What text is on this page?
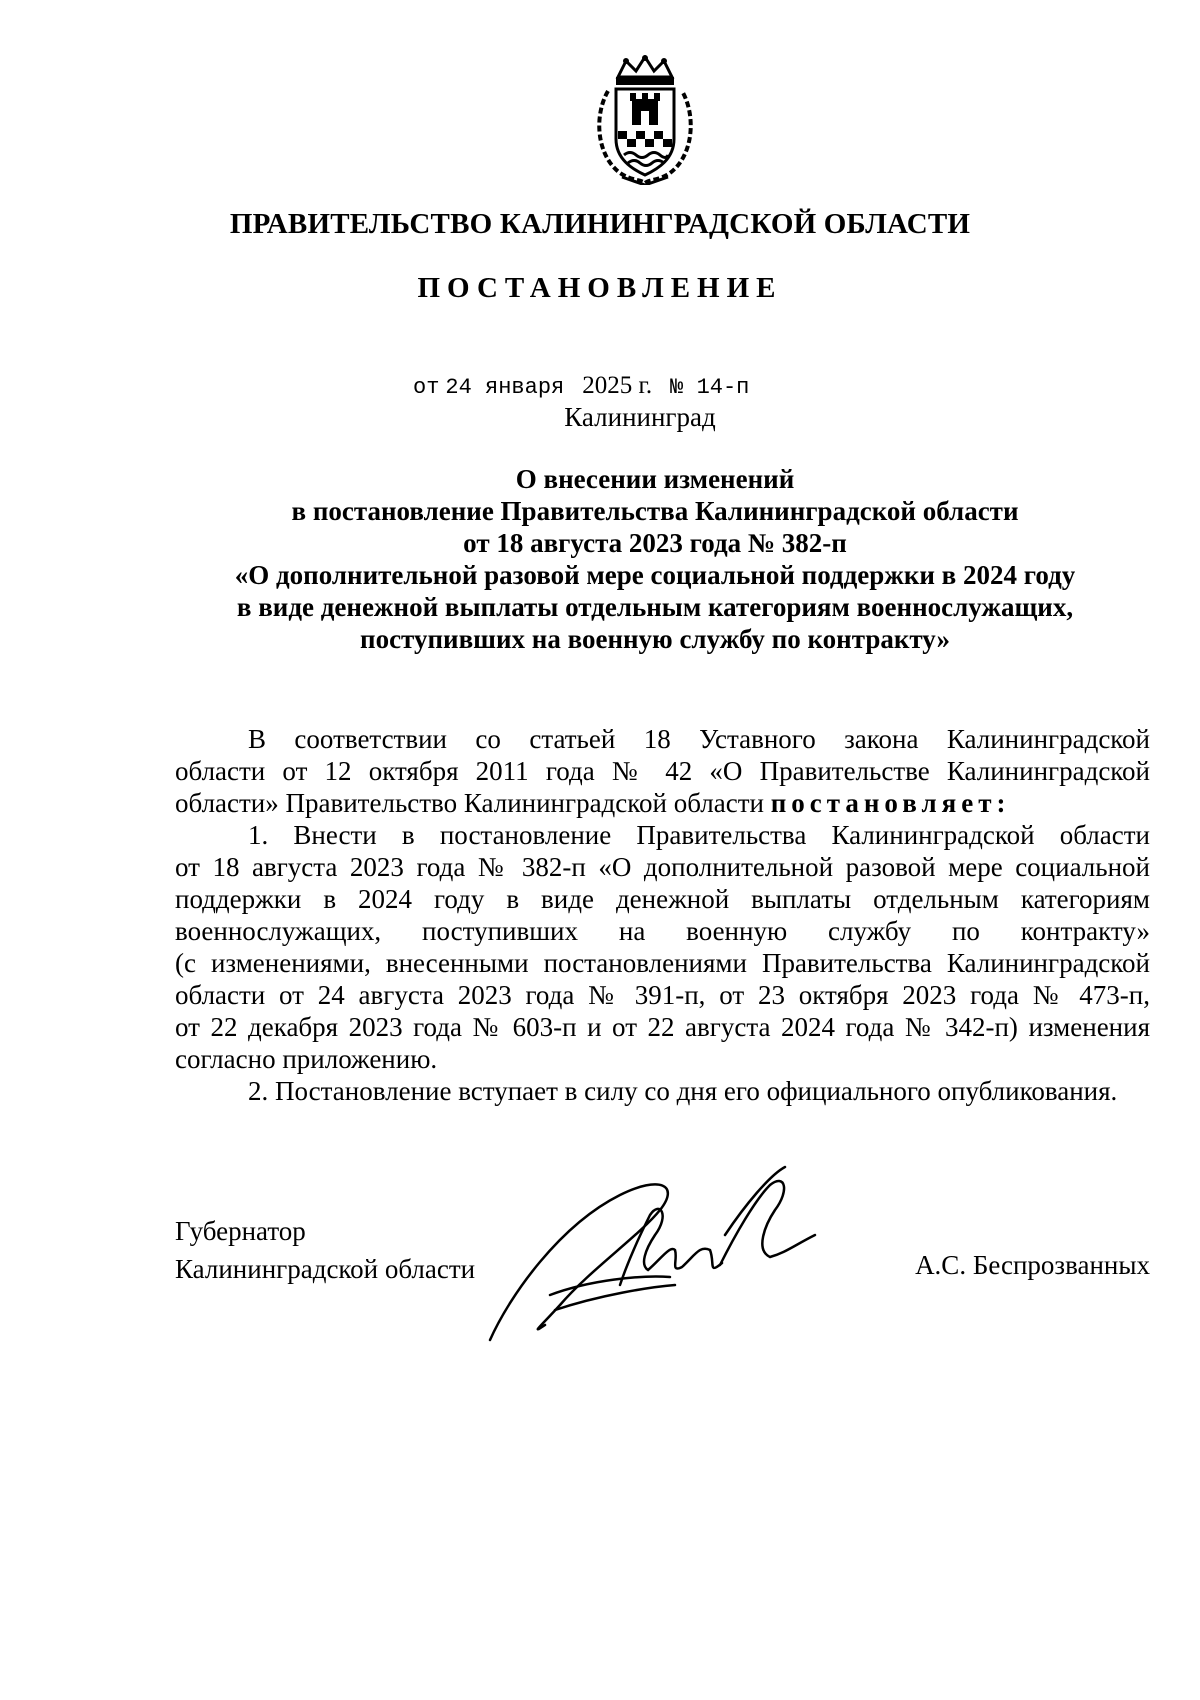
ПРАВИТЕЛЬСТВО КАЛИНИНГРАДСКОЙ ОБЛАСТИ
ПОСТАНОВЛЕНИЕ
от 24 января 2025 г. № 14-п
Калининград
О внесении изменений
в постановление Правительства Калининградской области
от 18 августа 2023 года № 382-п
«О дополнительной разовой мере социальной поддержки в 2024 году
в виде денежной выплаты отдельным категориям военнослужащих,
поступивших на военную службу по контракту»
В соответствии со статьей 18 Уставного закона Калининградской
области от 12 октября 2011 года № 42 «О Правительстве Калининградской
области» Правительство Калининградской области постановляет:
1. Внести в постановление Правительства Калининградской области
от 18 августа 2023 года № 382-п «О дополнительной разовой мере социальной
поддержки в 2024 году в виде денежной выплаты отдельным категориям
военнослужащих, поступивших на военную службу по контракту»
(с изменениями, внесенными постановлениями Правительства Калининградской
области от 24 августа 2023 года № 391-п, от 23 октября 2023 года № 473-п,
от 22 декабря 2023 года № 603-п и от 22 августа 2024 года № 342-п) изменения
согласно приложению.
2. Постановление вступает в силу со дня его официального опубликования.
Губернатор
Калининградской области	А.С. Беспрозванных
